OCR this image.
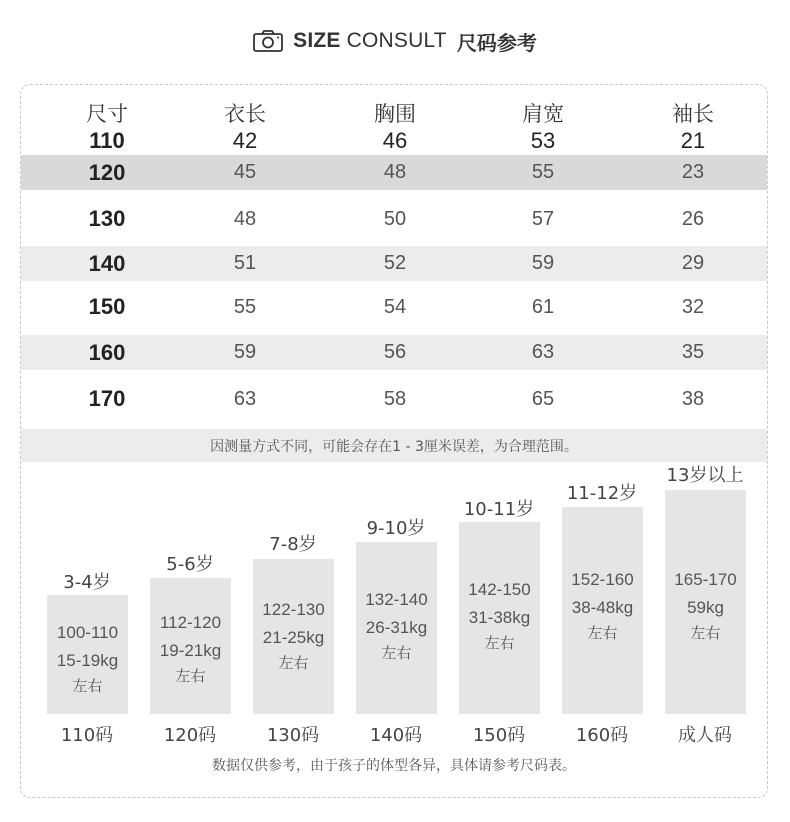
SIZE CONSULT 尺码参考
尺寸	衣长	胸围	肩宽	袖长
110	42	46	53	21
120	45	48	55	23
130	48	50	57	26
140	51	52	59	29
150	55	54	61	32
160	59	56	63	35
170	63	58	65	38
因测量方式不同，可能会存在1 - 3厘米误差，为合理范围。
3-4岁
100-110
15-19kg
左右
110码
5-6岁
112-120
19-21kg
左右
120码
7-8岁
122-130
21-25kg
左右
130码
9-10岁
132-140
26-31kg
左右
140码
10-11岁
142-150
31-38kg
左右
150码
11-12岁
152-160
38-48kg
左右
160码
13岁以上
165-170
59kg
左右
成人码
数据仅供参考，由于孩子的体型各异，具体请参考尺码表。
